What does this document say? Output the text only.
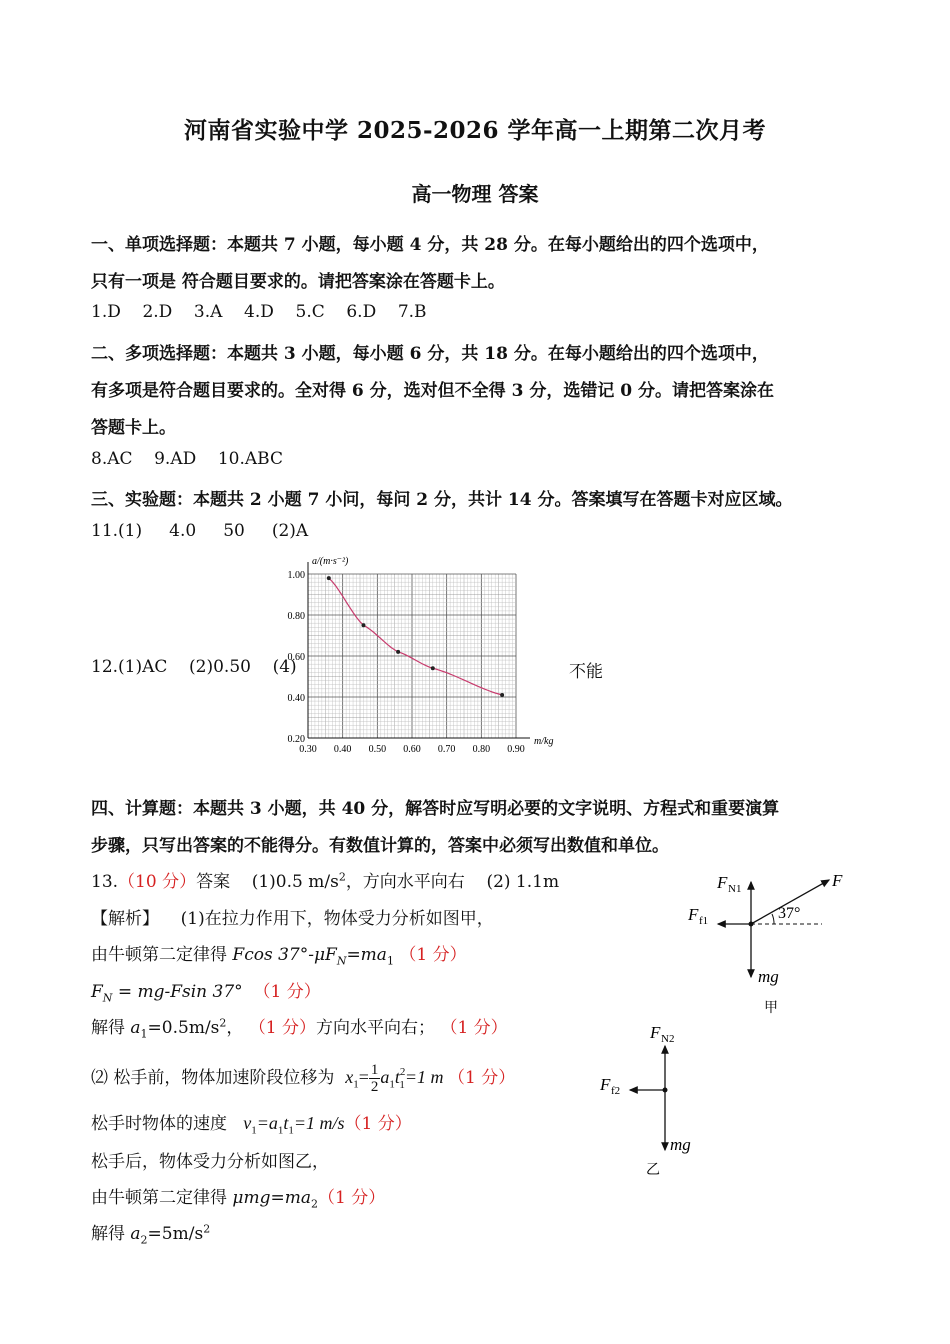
河南省实验中学 2025-2026 学年高一上期第二次月考
高一物理 答案
一、单项选择题：本题共 7 小题，每小题 4 分，共 28 分。在每小题给出的四个选项中，
只有一项是 符合题目要求的。请把答案涂在答题卡上。
1.D    2.D    3.A    4.D    5.C    6.D    7.B
二、多项选择题：本题共 3 小题，每小题 6 分，共 18 分。在每小题给出的四个选项中，
有多项是符合题目要求的。全对得 6 分，选对但不全得 3 分，选错记 0 分。请把答案涂在
答题卡上。
8.AC    9.AD    10.ABC
三、实验题：本题共 2 小题 7 小问，每问 2 分，共计 14 分。答案填写在答题卡对应区域。
11.(1)     4.0     50     (2)A
12.(1)AC    (2)0.50    (4)	不能
0.30 0.40 0.50 0.60 0.70 0.80 0.90
1.00
0.80
0.60
0.40
0.20
a/(m·s⁻²)
m/kg
四、计算题：本题共 3 小题，共 40 分，解答时应写明必要的文字说明、方程式和重要演算
步骤，只写出答案的不能得分。有数值计算的，答案中必须写出数值和单位。
13.（10 分）答案 (1)0.5 $m/s^2$，方向水平向右 (2) 1.1m
【解析】 (1)在拉力作用下，物体受力分析如图甲，
由牛顿第二定律得 Fcos $37^\circ-\mu F_N=ma_1$ （1 分）
$F_N = mg-Fsin$ 37° （1 分）
解得 $a_1=0.5m/s^2$， （1 分）方向水平向右； （1 分）
⑵ 松手前，物体加速阶段位移为 $x_1= \frac{1}{2} a_1t^2_1=1$ m （1 分）
松手时物体的速度 $v_1=a_1t_1=1$ m/s（1 分）
松手后，物体受力分析如图乙，
由牛顿第二定律得 $\mu mg=ma_2(1$ 分）
解得 $a_2=5m/s^2$
F N1	F
F f1	37°
mg
甲
F N2
F f2
mg
乙
